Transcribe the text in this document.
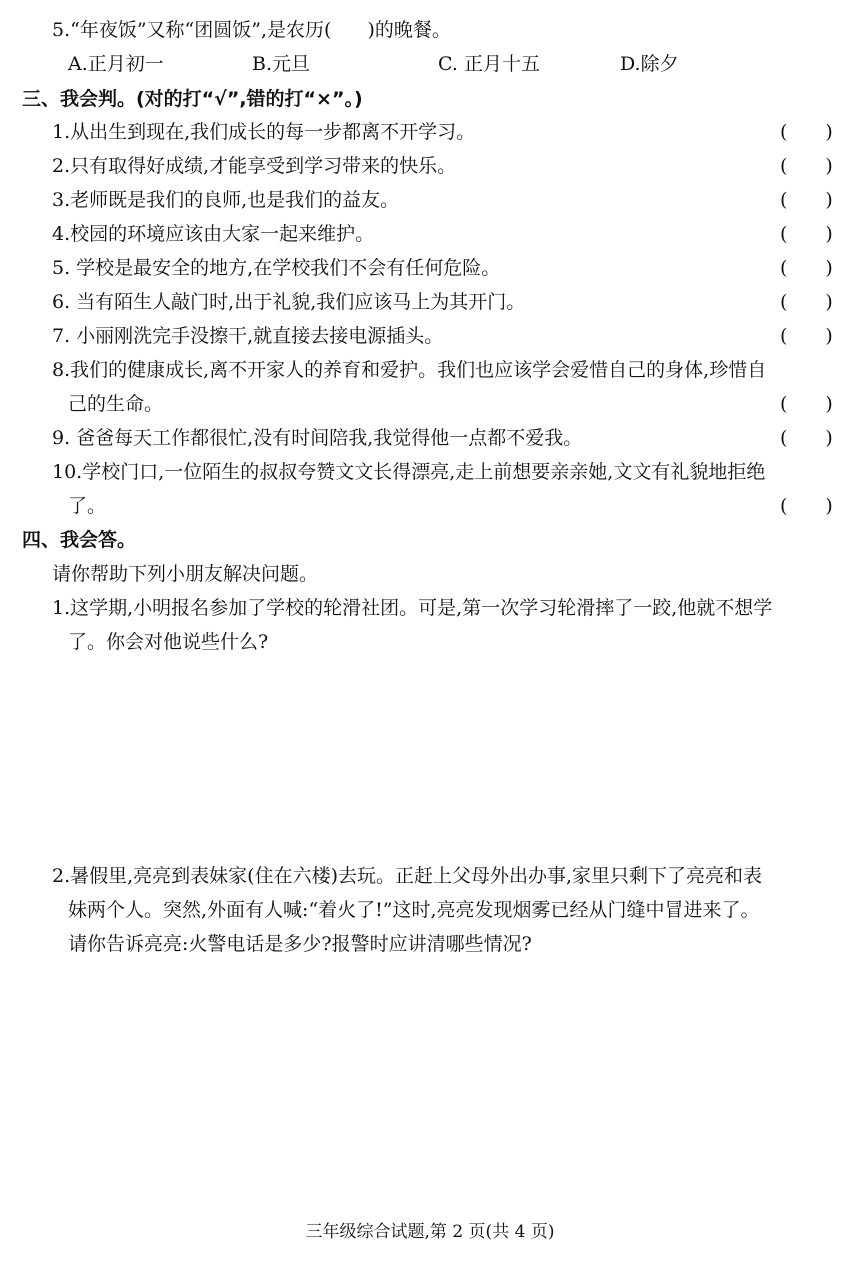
5.“年夜饭”又称“团圆饭”,是农历( )的晚餐。
A.正月初一	B.元旦	C. 正月十五	D.除夕
三、我会判。(对的打“√”,错的打“×”。)
1.从出生到现在,我们成长的每一步都离不开学习。	( )
2.只有取得好成绩,才能享受到学习带来的快乐。	( )
3.老师既是我们的良师,也是我们的益友。	( )
4.校园的环境应该由大家一起来维护。	( )
5. 学校是最安全的地方,在学校我们不会有任何危险。	( )
6. 当有陌生人敲门时,出于礼貌,我们应该马上为其开门。	( )
7. 小丽刚洗完手没擦干,就直接去接电源插头。	( )
8.我们的健康成长,离不开家人的养育和爱护。我们也应该学会爱惜自己的身体,珍惜自
己的生命。	( )
9. 爸爸每天工作都很忙,没有时间陪我,我觉得他一点都不爱我。	( )
10.学校门口,一位陌生的叔叔夸赞文文长得漂亮,走上前想要亲亲她,文文有礼貌地拒绝
了。	( )
四、我会答。
请你帮助下列小朋友解决问题。
1.这学期,小明报名参加了学校的轮滑社团。可是,第一次学习轮滑摔了一跤,他就不想学
了。你会对他说些什么?
2.暑假里,亮亮到表妹家(住在六楼)去玩。正赶上父母外出办事,家里只剩下了亮亮和表
妹两个人。突然,外面有人喊:“着火了!”这时,亮亮发现烟雾已经从门缝中冒进来了。
请你告诉亮亮:火警电话是多少?报警时应讲清哪些情况?
三年级综合试题,第 2 页(共 4 页)
